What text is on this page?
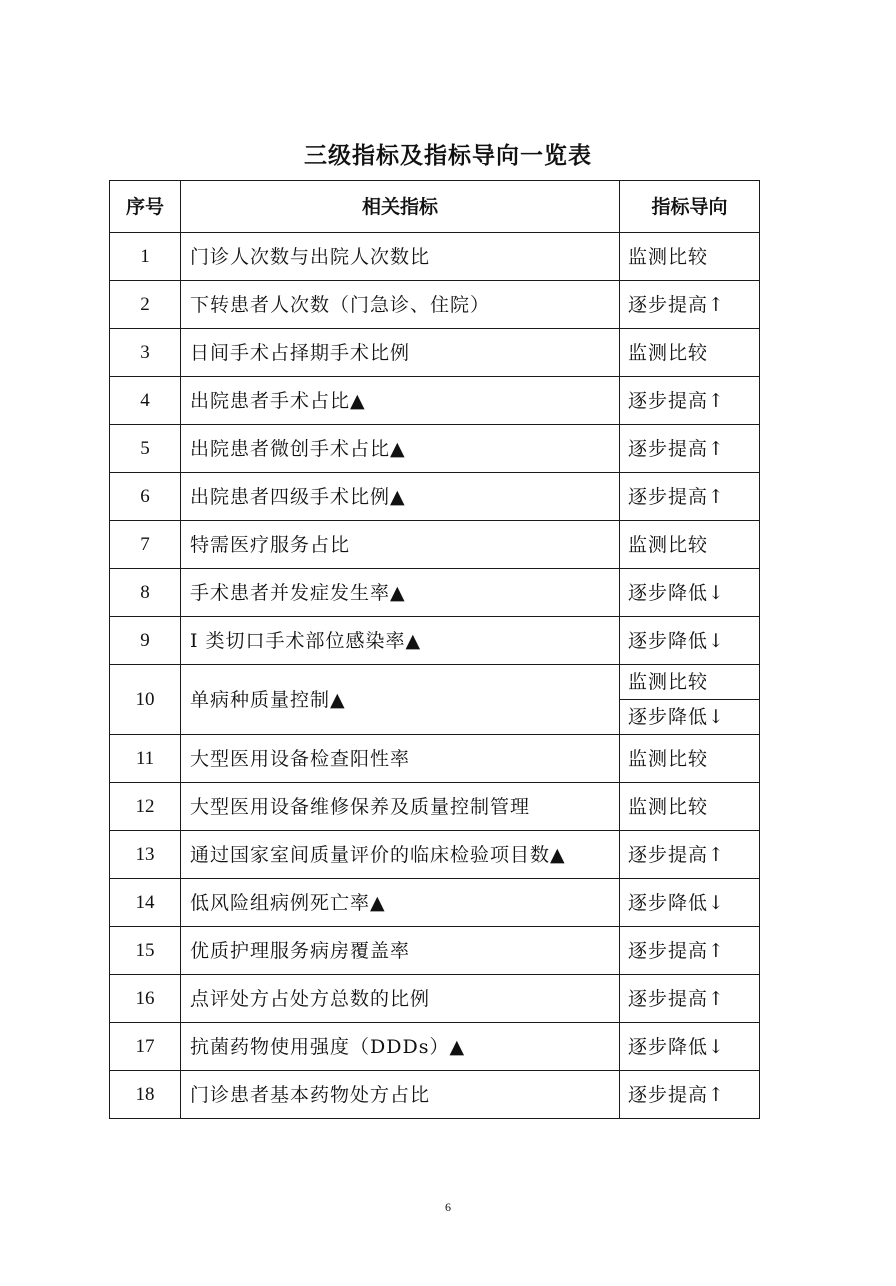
三级指标及指标导向一览表
序号	相关指标	指标导向
1	门诊人次数与出院人次数比	监测比较
2	下转患者人次数（门急诊、住院）	逐步提高↑
3	日间手术占择期手术比例	监测比较
4	出院患者手术占比▲	逐步提高↑
5	出院患者微创手术占比▲	逐步提高↑
6	出院患者四级手术比例▲	逐步提高↑
7	特需医疗服务占比	监测比较
8	手术患者并发症发生率▲	逐步降低↓
9	I 类切口手术部位感染率▲	逐步降低↓
10	单病种质量控制▲	监测比较
		逐步降低↓
11	大型医用设备检查阳性率	监测比较
12	大型医用设备维修保养及质量控制管理	监测比较
13	通过国家室间质量评价的临床检验项目数▲	逐步提高↑
14	低风险组病例死亡率▲	逐步降低↓
15	优质护理服务病房覆盖率	逐步提高↑
16	点评处方占处方总数的比例	逐步提高↑
17	抗菌药物使用强度（DDDs）▲	逐步降低↓
18	门诊患者基本药物处方占比	逐步提高↑
6
